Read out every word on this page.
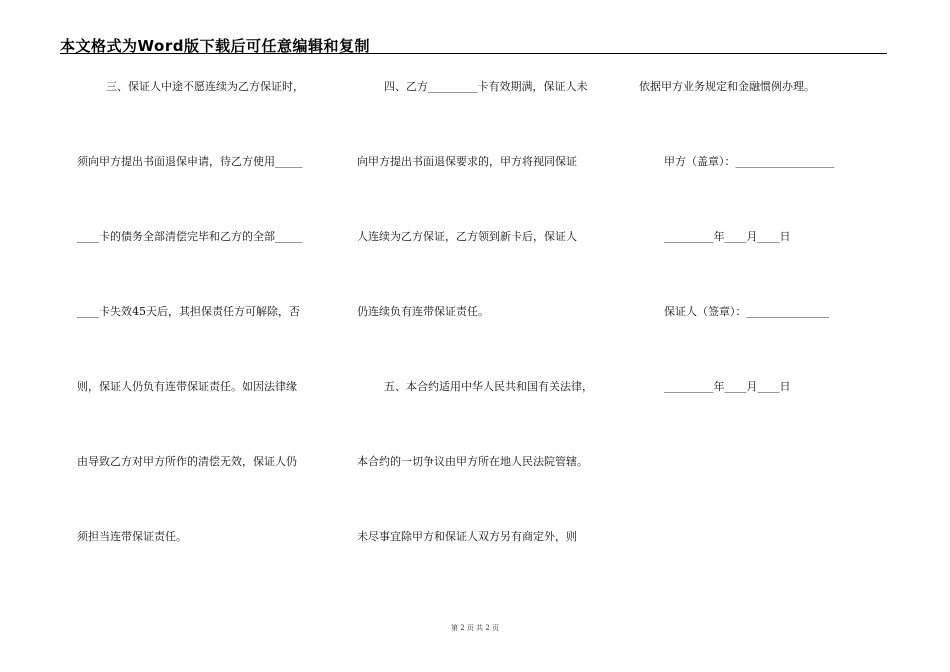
本文格式为Word版下载后可任意编辑和复制
三、保证人中途不愿连续为乙方保证时，
须向甲方提出书面退保申请，待乙方使用_____
____卡的债务全部清偿完毕和乙方的全部_____
____卡失效45天后，其担保责任方可解除，否
则，保证人仍负有连带保证责任。如因法律缘
由导致乙方对甲方所作的清偿无效，保证人仍
须担当连带保证责任。
四、乙方_________卡有效期满，保证人未
向甲方提出书面退保要求的，甲方将视同保证
人连续为乙方保证，乙方领到新卡后，保证人
仍连续负有连带保证责任。
五、本合约适用中华人民共和国有关法律，
本合约的一切争议由甲方所在地人民法院管辖。
未尽事宜除甲方和保证人双方另有商定外，则
依据甲方业务规定和金融惯例办理。
甲方（盖章）：__________________
_________年____月____日
保证人（签章）：_______________
_________年____月____日
第 2 页 共 2 页
